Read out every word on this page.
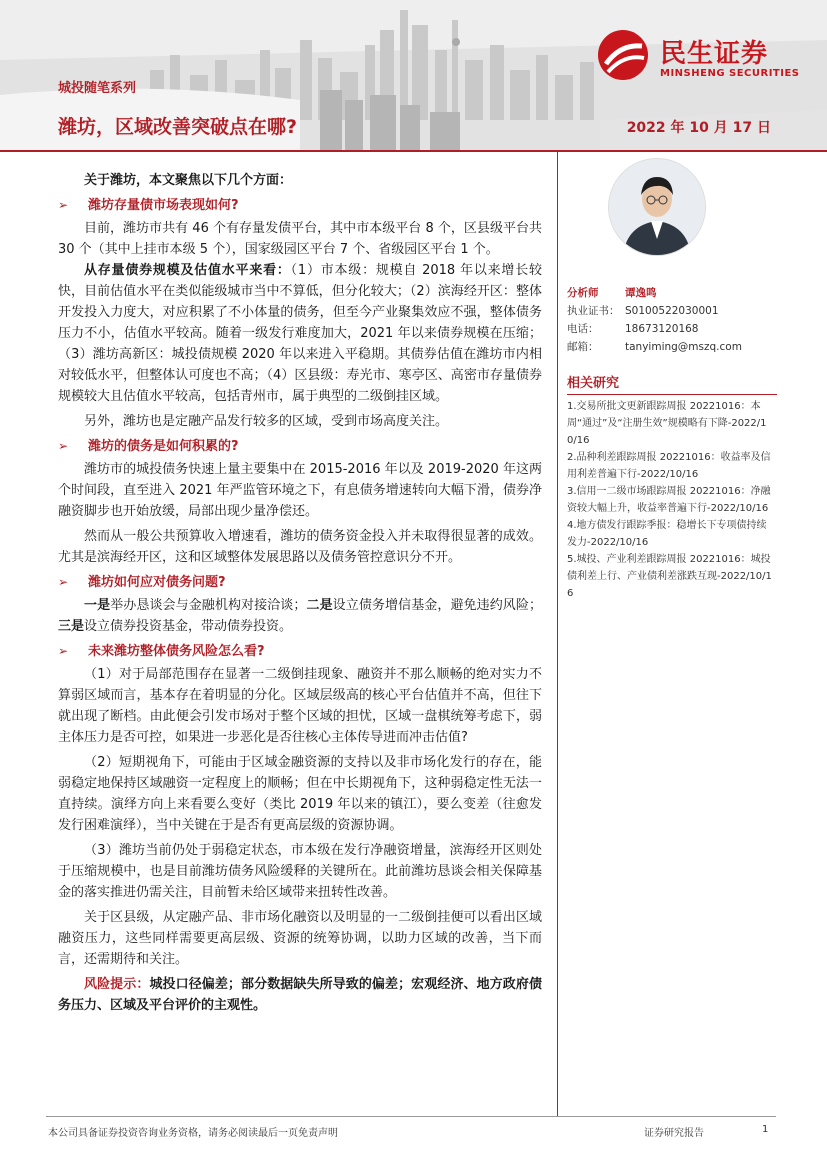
民生证券
MINSHENG SECURITIES
城投随笔系列
潍坊，区域改善突破点在哪?	2022 年 10 月 17 日

关于潍坊，本文聚焦以下几个方面：

➢	潍坊存量债市场表现如何?

目前，潍坊市共有 46 个有存量发债平台，其中市本级平台 8 个，区县级平台共 30 个（其中上挂市本级 5 个），国家级园区平台 7 个、省级园区平台 1 个。

从存量债券规模及估值水平来看：（1）市本级：规模自 2018 年以来增长较快，目前估值水平在类似能级城市当中不算低，但分化较大；（2）滨海经开区：整体开发投入力度大，对应积累了不小体量的债务，但至今产业聚集效应不强，整体债务压力不小，估值水平较高。随着一级发行难度加大，2021 年以来债券规模在压缩；（3）潍坊高新区：城投债规模 2020 年以来进入平稳期。其债券估值在潍坊市内相对较低水平，但整体认可度也不高；（4）区县级：寿光市、寒亭区、高密市存量债券规模较大且估值水平较高，包括青州市，属于典型的二级倒挂区域。

另外，潍坊也是定融产品发行较多的区域，受到市场高度关注。

➢	潍坊的债务是如何积累的?

潍坊市的城投债务快速上量主要集中在 2015-2016 年以及 2019-2020 年这两个时间段，直至进入 2021 年严监管环境之下，有息债务增速转向大幅下滑，债券净融资脚步也开始放缓，局部出现少量净偿还。

然而从一般公共预算收入增速看，潍坊的债务资金投入并未取得很显著的成效。尤其是滨海经开区，这和区域整体发展思路以及债务管控意识分不开。

➢	潍坊如何应对债务问题?

一是举办恳谈会与金融机构对接洽谈；二是设立债务增信基金，避免违约风险；三是设立债券投资基金，带动债券投资。

➢	未来潍坊整体债务风险怎么看?

（1）对于局部范围存在显著一二级倒挂现象、融资并不那么顺畅的绝对实力不算弱区域而言，基本存在着明显的分化。区域层级高的核心平台估值并不高，但往下就出现了断档。由此便会引发市场对于整个区域的担忧，区域一盘棋统筹考虑下，弱主体压力是否可控，如果进一步恶化是否往核心主体传导进而冲击估值?

（2）短期视角下，可能由于区域金融资源的支持以及非市场化发行的存在，能弱稳定地保持区域融资一定程度上的顺畅；但在中长期视角下，这种弱稳定性无法一直持续。演绎方向上来看要么变好（类比 2019 年以来的镇江），要么变差（往愈发发行困难演绎），当中关键在于是否有更高层级的资源协调。

（3）潍坊当前仍处于弱稳定状态，市本级在发行净融资增量，滨海经开区则处于压缩规模中，也是目前潍坊债务风险缓释的关键所在。此前潍坊恳谈会相关保障基金的落实推进仍需关注，目前暂未给区域带来扭转性改善。

关于区县级，从定融产品、非市场化融资以及明显的一二级倒挂便可以看出区域融资压力，这些同样需要更高层级、资源的统筹协调，以助力区域的改善，当下而言，还需期待和关注。

风险提示：城投口径偏差；部分数据缺失所导致的偏差；宏观经济、地方政府债务压力、区域及平台评价的主观性。

分析师	谭逸鸣
执业证书： S0100522030001
电话：	18673120168
邮箱：	tanyiming@mszq.com
相关研究
1.交易所批文更新跟踪周报 20221016：本周“通过”及“注册生效”规模略有下降-2022/10/16
2.品种利差跟踪周报 20221016：收益率及信用利差普遍下行-2022/10/16
3.信用一二级市场跟踪周报 20221016：净融资较大幅上升，收益率普遍下行-2022/10/16
4.地方债发行跟踪季报：稳增长下专项债持续发力-2022/10/16
5.城投、产业利差跟踪周报 20221016：城投债利差上行、产业债利差涨跌互现-2022/10/16
本公司具备证券投资咨询业务资格，请务必阅读最后一页免责声明	证券研究报告	1
